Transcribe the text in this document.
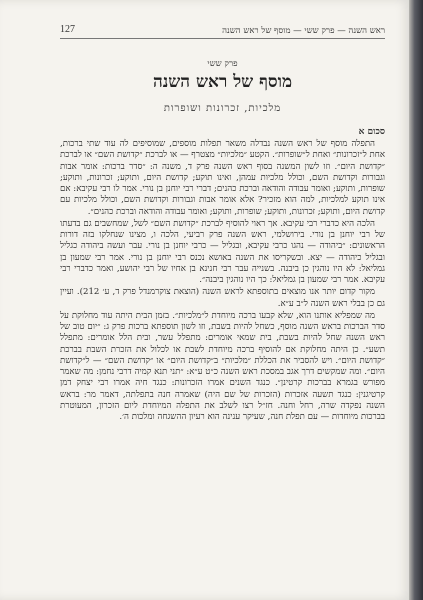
127	ראש השנה — פרק ששי — מוסף של ראש השנה
פרק ששי
מוסף של ראש השנה
מלכיות, זכרונות ושופרות
סכום א

התפלה מוסף של ראש השנה נבדלה משאר תפלות מוספים, שמוסיפים לה עוד שתי ברכות, אחת ל״זכרונות״ ואחת ל״שופרות״. הקטע ״מלכיות״ מצטרף — או לברכת ״קדושת השם״ או לברכת ״קדושת היום״. וזו לשון המשנה בסוף ראש השנה פרק ד, משנה ה: ״סדר ברכות: אומר אבות וגבורות וקדושת השם, וכולל מלכיות עמהן, ואינו תוקע; קדושת היום, ותוקע; זכרונות, ותוקע; שופרות, ותוקע; ואומר עבודה והודאה וברכת כהנים; דברי רבי יוחנן בן נורי. אמר לו רבי עקיבא: אם אינו תוקע למלכיות, למה הוא מזכיר? אלא אומר אבות וגבורות וקדושת השם, וכולל מלכיות עם קדושת היום, ותוקע; זכרונות, ותוקע; שופרות, ותוקע; ואומר עבודה והודאה וברכת כהנים״.

הלכה היא כדברי רבי עקיבא. אך ראוי להוסיף לברכת ״קדושת השם״ לשל, שמחשבים גם בדעתו של רבי יוחנן בן נורי. בירושלמי, ראש השנה פרק רביעי, הלכה ו, מצינו שנחלקו בזה דורות הראשונים: ״ביהודה — נהגו כרבי עקיבא, ובגליל — כרבי יוחנן בן נורי. עבר ועשה ביהודה כגליל ובגליל כיהודה — יצא. ובשקריסו את השנה באושא נכנס רבי יוחנן בן נורי. אמר רבי שמעון בן גמליאל: לא היו נוהגין כן ביבנה. בשנייה עבר רבי חנינא בן אחיו של רבי יהושע, ואמר כדברי רבי עקיבא. אמר רבי שמעון בן גמליאל: כך היו נוהגין ביבנה״.

מקור קדום יותר אנו מוצאים בתוספתא לראש השנה (הוצאת צוקרמנדל פרק ד, ע׳ 212). ועיין גם כן בבלי ראש השנה ל״ב ע״א.

מה שמפליא אותנו הוא, שלא קבעו ברכה מיוחדת ל״מלכיות״. בזמן הבית היתה עוד מחלוקת על סדר הברכות בראש השנה מוסף, כשחל להיות בשבת, וזו לשון תוספתא ברכות פרק ג: ״יום טוב של ראש השנה שחל להיות בשבת, בית שמאי אומרים: מתפלל עשר, ובית הלל אומרים: מתפלל תשע״. כן היתה מחלוקת אם להוסיף ברכה מיוחדת לשבת או לכלול את הזכרת השבת בברכת ״קדושת היום״. ויש להסביר את הכללת ״מלכיות״ ב״קדושת היום״ או ״קדושת השם״ — ל״קדושת היום״. ומה שמקשים דרך אגב במסכת ראש השנה כ״ט ע״א: ״תני תנא קמיה דרבי נחמן: מה שאמר מפורש בגמרא בברכות קרטינן״. כנגד השנים אמרו הזכרונות: כנגד חיה אמרו רבי יצחק דמן קרטיגנין: כנגד תשעה אזכרות (הזכרות של שם היה) שאמרה חנה בתפלתה, דאמר מר: בראש השנה נפקדה שרה, רחל וחנה. חז״ל רצו לשלב את התפלה המיוחדת ליום הזכרון, המעוטרת בברכות מיוחדות — עם תפלת חנה, שעיקר ענינה הוא רעיון ההשגחה ומלכות ה׳.
